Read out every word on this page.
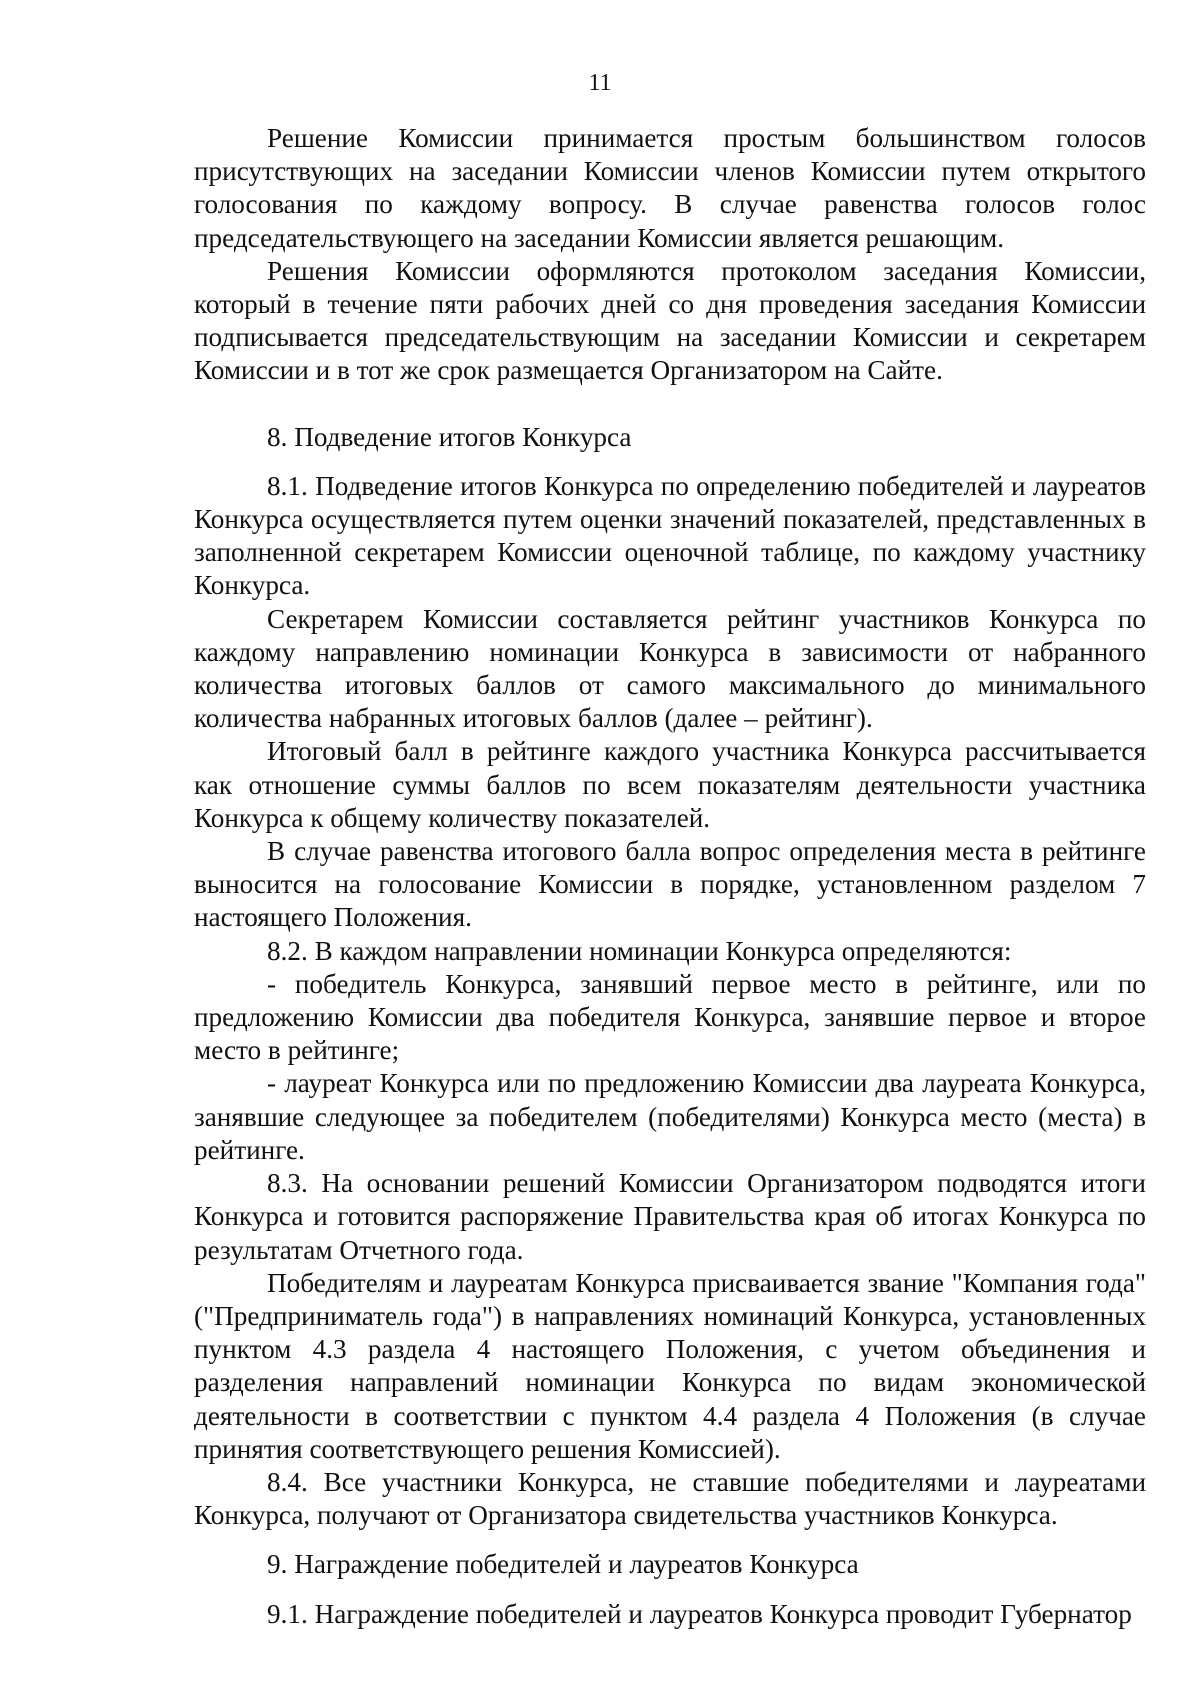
11

Решение Комиссии принимается простым большинством голосов присутствующих на заседании Комиссии членов Комиссии путем открытого голосования по каждому вопросу. В случае равенства голосов голос председательствующего на заседании Комиссии является решающим.

Решения Комиссии оформляются протоколом заседания Комиссии, который в течение пяти рабочих дней со дня проведения заседания Комиссии подписывается председательствующим на заседании Комиссии и секретарем Комиссии и в тот же срок размещается Организатором на Сайте.

8. Подведение итогов Конкурса

8.1. Подведение итогов Конкурса по определению победителей и лауреатов Конкурса осуществляется путем оценки значений показателей, представленных в заполненной секретарем Комиссии оценочной таблице, по каждому участнику Конкурса.

Секретарем Комиссии составляется рейтинг участников Конкурса по каждому направлению номинации Конкурса в зависимости от набранного количества итоговых баллов от самого максимального до минимального количества набранных итоговых баллов (далее – рейтинг).

Итоговый балл в рейтинге каждого участника Конкурса рассчитывается как отношение суммы баллов по всем показателям деятельности участника Конкурса к общему количеству показателей.

В случае равенства итогового балла вопрос определения места в рейтинге выносится на голосование Комиссии в порядке, установленном разделом 7 настоящего Положения.

8.2. В каждом направлении номинации Конкурса определяются:

- победитель Конкурса, занявший первое место в рейтинге, или по предложению Комиссии два победителя Конкурса, занявшие первое и второе место в рейтинге;

- лауреат Конкурса или по предложению Комиссии два лауреата Конкурса, занявшие следующее за победителем (победителями) Конкурса место (места) в рейтинге.

8.3. На основании решений Комиссии Организатором подводятся итоги Конкурса и готовится распоряжение Правительства края об итогах Конкурса по результатам Отчетного года.

Победителям и лауреатам Конкурса присваивается звание "Компания года" ("Предприниматель года") в направлениях номинаций Конкурса, установленных пунктом 4.3 раздела 4 настоящего Положения, с учетом объединения и разделения направлений номинации Конкурса по видам экономической деятельности в соответствии с пунктом 4.4 раздела 4 Положения (в случае принятия соответствующего решения Комиссией).

8.4. Все участники Конкурса, не ставшие победителями и лауреатами Конкурса, получают от Организатора свидетельства участников Конкурса.

9. Награждение победителей и лауреатов Конкурса

9.1. Награждение победителей и лауреатов Конкурса проводит Губернатор
